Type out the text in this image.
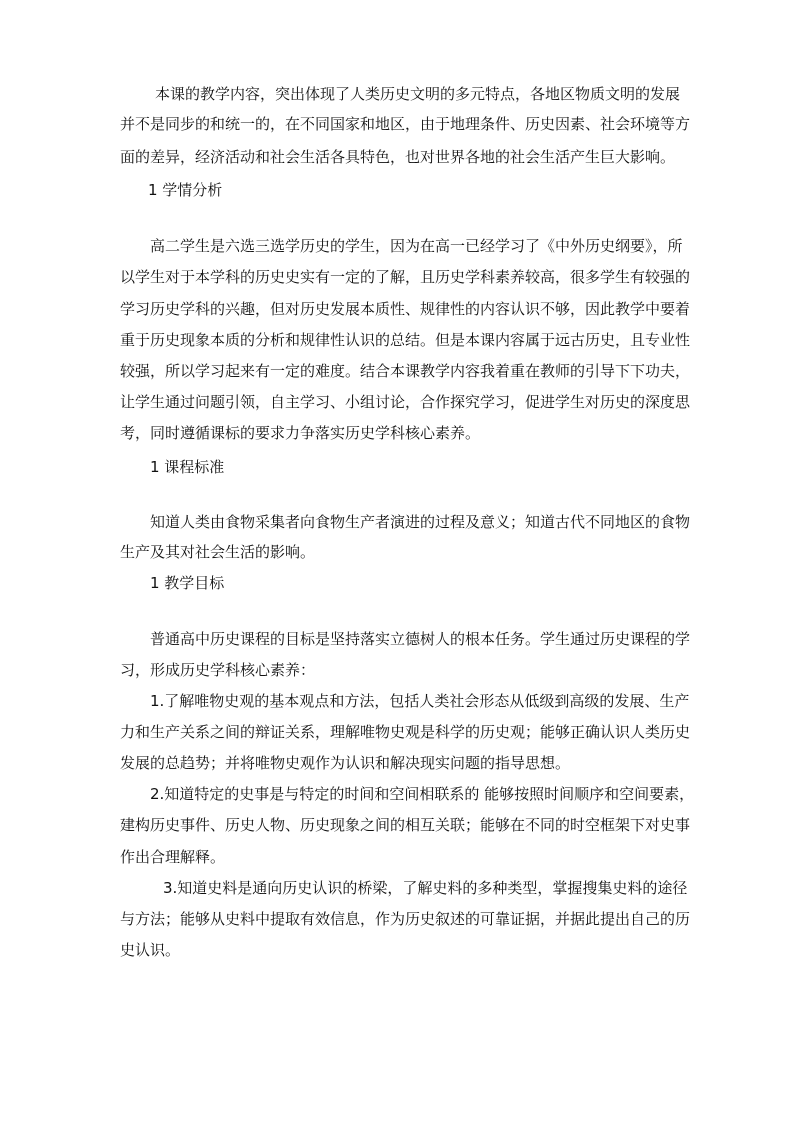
本课的教学内容，突出体现了人类历史文明的多元特点，各地区物质文明的发展
并不是同步的和统一的，在不同国家和地区，由于地理条件、历史因素、社会环境等方
面的差异，经济活动和社会生活各具特色，也对世界各地的社会生活产生巨大影响。
1 学情分析
高二学生是六选三选学历史的学生，因为在高一已经学习了《中外历史纲要》，所
以学生对于本学科的历史史实有一定的了解，且历史学科素养较高，很多学生有较强的
学习历史学科的兴趣，但对历史发展本质性、规律性的内容认识不够，因此教学中要着
重于历史现象本质的分析和规律性认识的总结。但是本课内容属于远古历史，且专业性
较强，所以学习起来有一定的难度。结合本课教学内容我着重在教师的引导下下功夫，
让学生通过问题引领，自主学习、小组讨论，合作探究学习，促进学生对历史的深度思
考，同时遵循课标的要求力争落实历史学科核心素养。
1 课程标准
知道人类由食物采集者向食物生产者演进的过程及意义；知道古代不同地区的食物
生产及其对社会生活的影响。
1 教学目标
普通高中历史课程的目标是坚持落实立德树人的根本任务。学生通过历史课程的学
习，形成历史学科核心素养：
1.了解唯物史观的基本观点和方法，包括人类社会形态从低级到高级的发展、生产
力和生产关系之间的辩证关系，理解唯物史观是科学的历史观；能够正确认识人类历史
发展的总趋势；并将唯物史观作为认识和解决现实问题的指导思想。
2.知道特定的史事是与特定的时间和空间相联系的 能够按照时间顺序和空间要素，
建构历史事件、历史人物、历史现象之间的相互关联；能够在不同的时空框架下对史事
作出合理解释。
3.知道史料是通向历史认识的桥梁，了解史料的多种类型，掌握搜集史料的途径
与方法；能够从史料中提取有效信息，作为历史叙述的可靠证据，并据此提出自己的历
史认识。
